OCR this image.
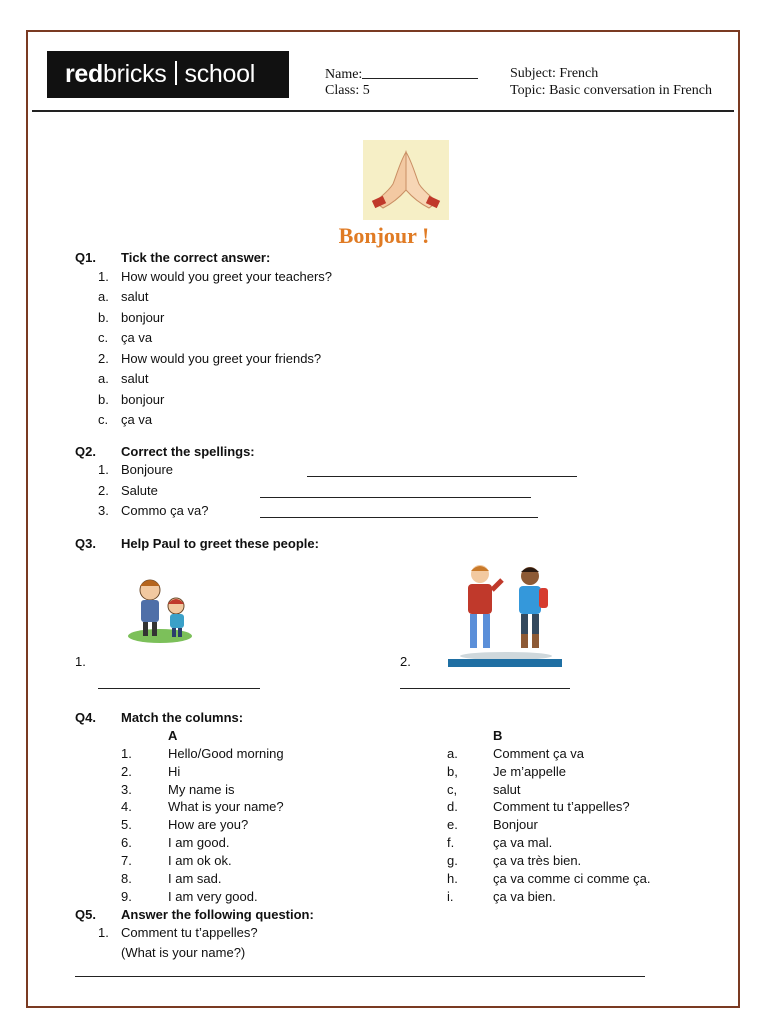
redbricks school	Name:
Class: 5
Subject: French
Topic: Basic conversation in French
Bonjour !
Q1. Tick the correct answer:
1. How would you greet your teachers?
a. salut
b. bonjour
c. ça va
2. How would you greet your friends?
a. salut
b. bonjour
c. ça va
Q2. Correct the spellings:
1. Bonjoure
2. Salute
3. Commo ça va?
Q3. Help Paul to greet these people:
1.	2.
Q4. Match the columns:
A	B
1.	Hello/Good morning	a.	Comment ça va
2.	Hi	b,	Je m’appelle
3.	My name is	c,	salut
4.	What is your name?	d.	Comment tu t’appelles?
5.	How are you?	e.	Bonjour
6.	I am good.	f.	ça va mal.
7.	I am ok ok.	g.	ça va très bien.
8.	I am sad.	h.	ça va comme ci comme ça.
9.	I am very good.	i.	ça va bien.
Q5. Answer the following question:
1. Comment tu t’appelles?
(What is your name?)
